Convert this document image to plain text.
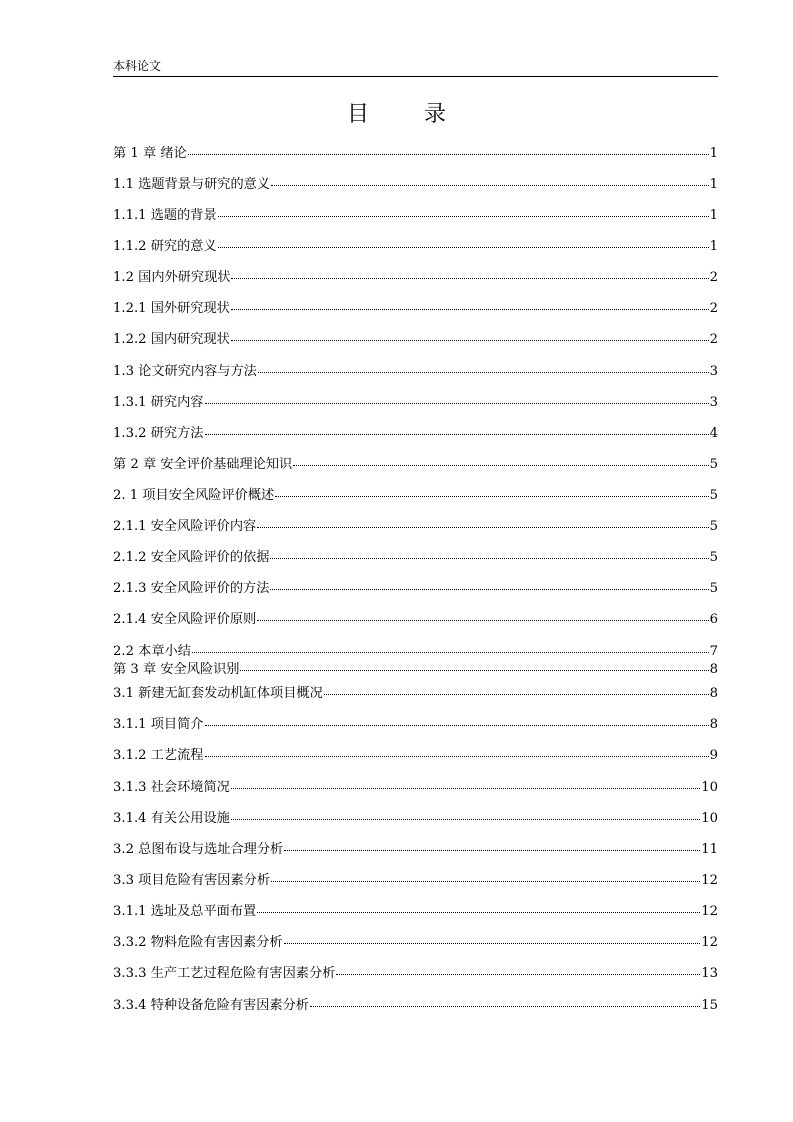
本科论文
目 录
第 1 章 绪论	1
1.1 选题背景与研究的意义	1
1.1.1 选题的背景	1
1.1.2 研究的意义	1
1.2 国内外研究现状	2
1.2.1 国外研究现状	2
1.2.2 国内研究现状	2
1.3 论文研究内容与方法	3
1.3.1 研究内容	3
1.3.2 研究方法	4
第 2 章 安全评价基础理论知识	5
2. 1 项目安全风险评价概述	5
2.1.1 安全风险评价内容	5
2.1.2 安全风险评价的依据	5
2.1.3 安全风险评价的方法	5
2.1.4 安全风险评价原则	6
2.2 本章小结	7
第 3 章 安全风险识别	8
3.1 新建无缸套发动机缸体项目概况	8
3.1.1 项目简介	8
3.1.2 工艺流程	9
3.1.3 社会环境简况	10
3.1.4 有关公用设施	10
3.2 总图布设与选址合理分析	11
3.3 项目危险有害因素分析	12
3.1.1 选址及总平面布置	12
3.3.2 物料危险有害因素分析	12
3.3.3 生产工艺过程危险有害因素分析	13
3.3.4 特种设备危险有害因素分析	15
